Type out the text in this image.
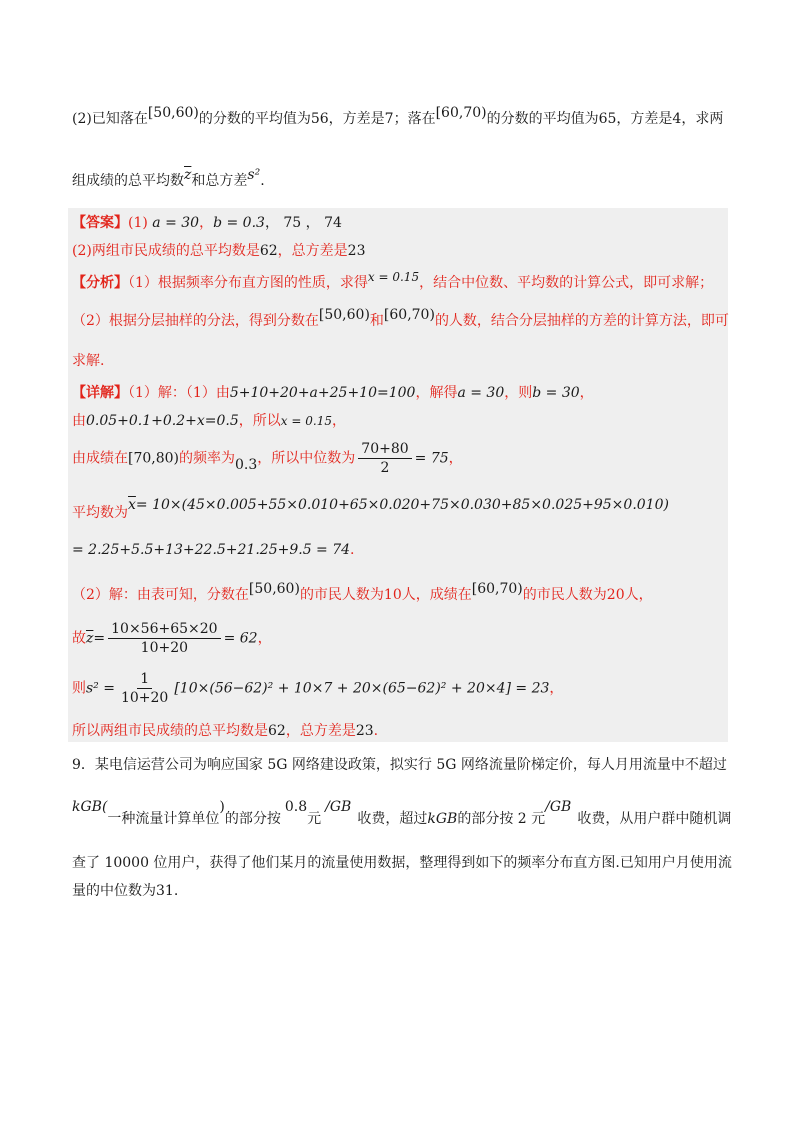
(2)已知落在[50,60)的分数的平均值为56，方差是7；落在[60,70)的分数的平均值为65，方差是4，求两
组成绩的总平均数$\overline{z}$和总方差s².
【答案】(1) a = 30，b = 0.3， 75 ， 74
(2)两组市民成绩的总平均数是62，总方差是23
【分析】（1）根据频率分布直方图的性质，求得x = 0.15，结合中位数、平均数的计算公式，即可求解；
（2）根据分层抽样的分法，得到分数在[50,60)和[60,70)的人数，结合分层抽样的方差的计算方法，即可
求解.
【详解】（1）解：（1）由5+10+20+a+25+10=100，解得a = 30，则b = 30，
由0.05+0.1+0.2+x=0.5，所以x = 0.15，
由成绩在[70,80)的频率为0.3，所以中位数为 $\frac{70+80}{2} = 75$，
平均数为$\overline{x}= 10\times(45\times 0.005+55\times 0.010+65\times 0.020+75\times 0.030+85\times 0.025+95\times 0.010)$
= 2.25+5.5+13+22.5+21.25+9.5 = 74.
（2）解：由表可知，分数在[50,60)的市民人数为10人，成绩在[60,70)的市民人数为20人，
故$\overline{z}= \frac{10\times 56+65\times 20}{10+20} = 62$，
则$s^2 = \frac{1}{10+20} [10\times(56-62)^2 + 10\times 7 + 20\times(65-62)^2 + 20\times 4] = 23$，
所以两组市民成绩的总平均数是62，总方差是23.
9．某电信运营公司为响应国家 5G 网络建设政策，拟实行 5G 网络流量阶梯定价，每人月用流量中不超过
kGB(一种流量计算单位)的部分按0.8元/GB收费，超过kGB的部分按 2 元/GB收费，从用户群中随机调
查了 10000 位用户，获得了他们某月的流量使用数据，整理得到如下的频率分布直方图.已知用户月使用流
量的中位数为31.
